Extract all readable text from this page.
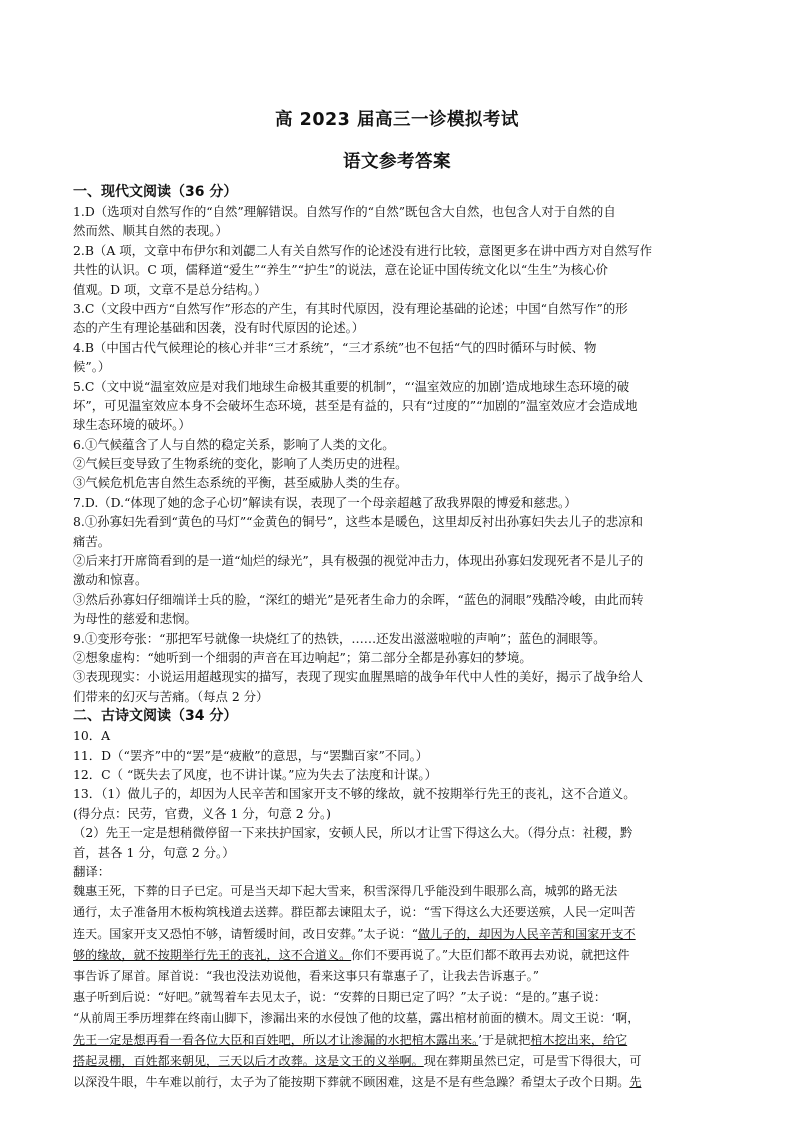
高 2023 届高三一诊模拟考试
语文参考答案
一、现代文阅读（36 分）
1.D（选项对自然写作的“自然”理解错误。自然写作的“自然”既包含大自然，也包含人对于自然的自
然而然、顺其自然的表现。）
2.B（A 项，文章中布伊尔和刘勰二人有关自然写作的论述没有进行比较，意图更多在讲中西方对自然写作
共性的认识。C 项，儒释道“爱生”“养生”“护生”的说法，意在论证中国传统文化以“生生”为核心价
值观。D 项，文章不是总分结构。）
3.C（文段中西方“自然写作”形态的产生，有其时代原因，没有理论基础的论述；中国“自然写作”的形
态的产生有理论基础和因袭，没有时代原因的论述。）
4.B（中国古代气候理论的核心并非“三才系统”，“三才系统”也不包括“气的四时循环与时候、物
候”。）
5.C（文中说“温室效应是对我们地球生命极其重要的机制”，“‘温室效应的加剧’造成地球生态环境的破
坏”，可见温室效应本身不会破坏生态环境，甚至是有益的，只有“过度的”“加剧的”温室效应才会造成地
球生态环境的破坏。）
6.①气候蕴含了人与自然的稳定关系，影响了人类的文化。
②气候巨变导致了生物系统的变化，影响了人类历史的进程。
③气候危机危害自然生态系统的平衡，甚至威胁人类的生存。
7.D.（D.“体现了她的念子心切”解读有误，表现了一个母亲超越了敌我界限的博爱和慈悲。）
8.①孙寡妇先看到“黄色的马灯”“金黄色的铜号”，这些本是暖色，这里却反衬出孙寡妇失去儿子的悲凉和
痛苦。
②后来打开席筒看到的是一道“灿烂的绿光”，具有极强的视觉冲击力，体现出孙寡妇发现死者不是儿子的
激动和惊喜。
③然后孙寡妇仔细端详士兵的脸，“深红的蜡光”是死者生命力的余晖，“蓝色的洞眼”残酷冷峻，由此而转
为母性的慈爱和悲悯。
9.①变形夸张：“那把军号就像一块烧红了的热铁，……还发出滋滋啦啦的声响”；蓝色的洞眼等。
②想象虚构：“她听到一个细弱的声音在耳边响起”；第二部分全都是孙寡妇的梦境。
③表现现实：小说运用超越现实的描写，表现了现实血腥黑暗的战争年代中人性的美好，揭示了战争给人
们带来的幻灭与苦痛。（每点 2 分）
二、古诗文阅读（34 分）
10．A
11．D（“罢齐”中的“罢”是“疲敝”的意思，与“罢黜百家”不同。）
12．C（ “既失去了风度，也不讲计谋。”应为失去了法度和计谋。）
13．（1）做儿子的，却因为人民辛苦和国家开支不够的缘故，就不按期举行先王的丧礼，这不合道义。
(得分点：民劳，官费，义各 1 分，句意 2 分。)
（2）先王一定是想稍微停留一下来扶护国家，安顿人民，所以才让雪下得这么大。（得分点：社稷，黔
首，甚各 1 分，句意 2 分。）
翻译：
魏惠王死，下葬的日子已定。可是当天却下起大雪来，积雪深得几乎能没到牛眼那么高，城郭的路无法
通行，太子准备用木板构筑栈道去送葬。群臣都去谏阻太子，说：“雪下得这么大还要送殡，人民一定叫苦
连天。国家开支又恐怕不够，请暂缓时间，改日安葬。”太子说：“做儿子的，却因为人民辛苦和国家开支不
够的缘故，就不按期举行先王的丧礼，这不合道义。你们不要再说了。”大臣们都不敢再去劝说，就把这件
事告诉了犀首。犀首说：“我也没法劝说他，看来这事只有靠惠子了，让我去告诉惠子。”
惠子听到后说：“好吧。”就驾着车去见太子，说：“安葬的日期已定了吗？”太子说：“是的。”惠子说：
“从前周王季历埋葬在终南山脚下，渗漏出来的水侵蚀了他的坟墓，露出棺材前面的横木。周文王说：‘啊，
先王一定是想再看一看各位大臣和百姓吧，所以才让渗漏的水把棺木露出来。’于是就把棺木挖出来，给它
搭起灵棚，百姓都来朝见，三天以后才改葬。这是文王的义举啊。现在葬期虽然已定，可是雪下得很大，可
以深没牛眼，牛车难以前行，太子为了能按期下葬就不顾困难，这是不是有些急躁？希望太子改个日期。先
